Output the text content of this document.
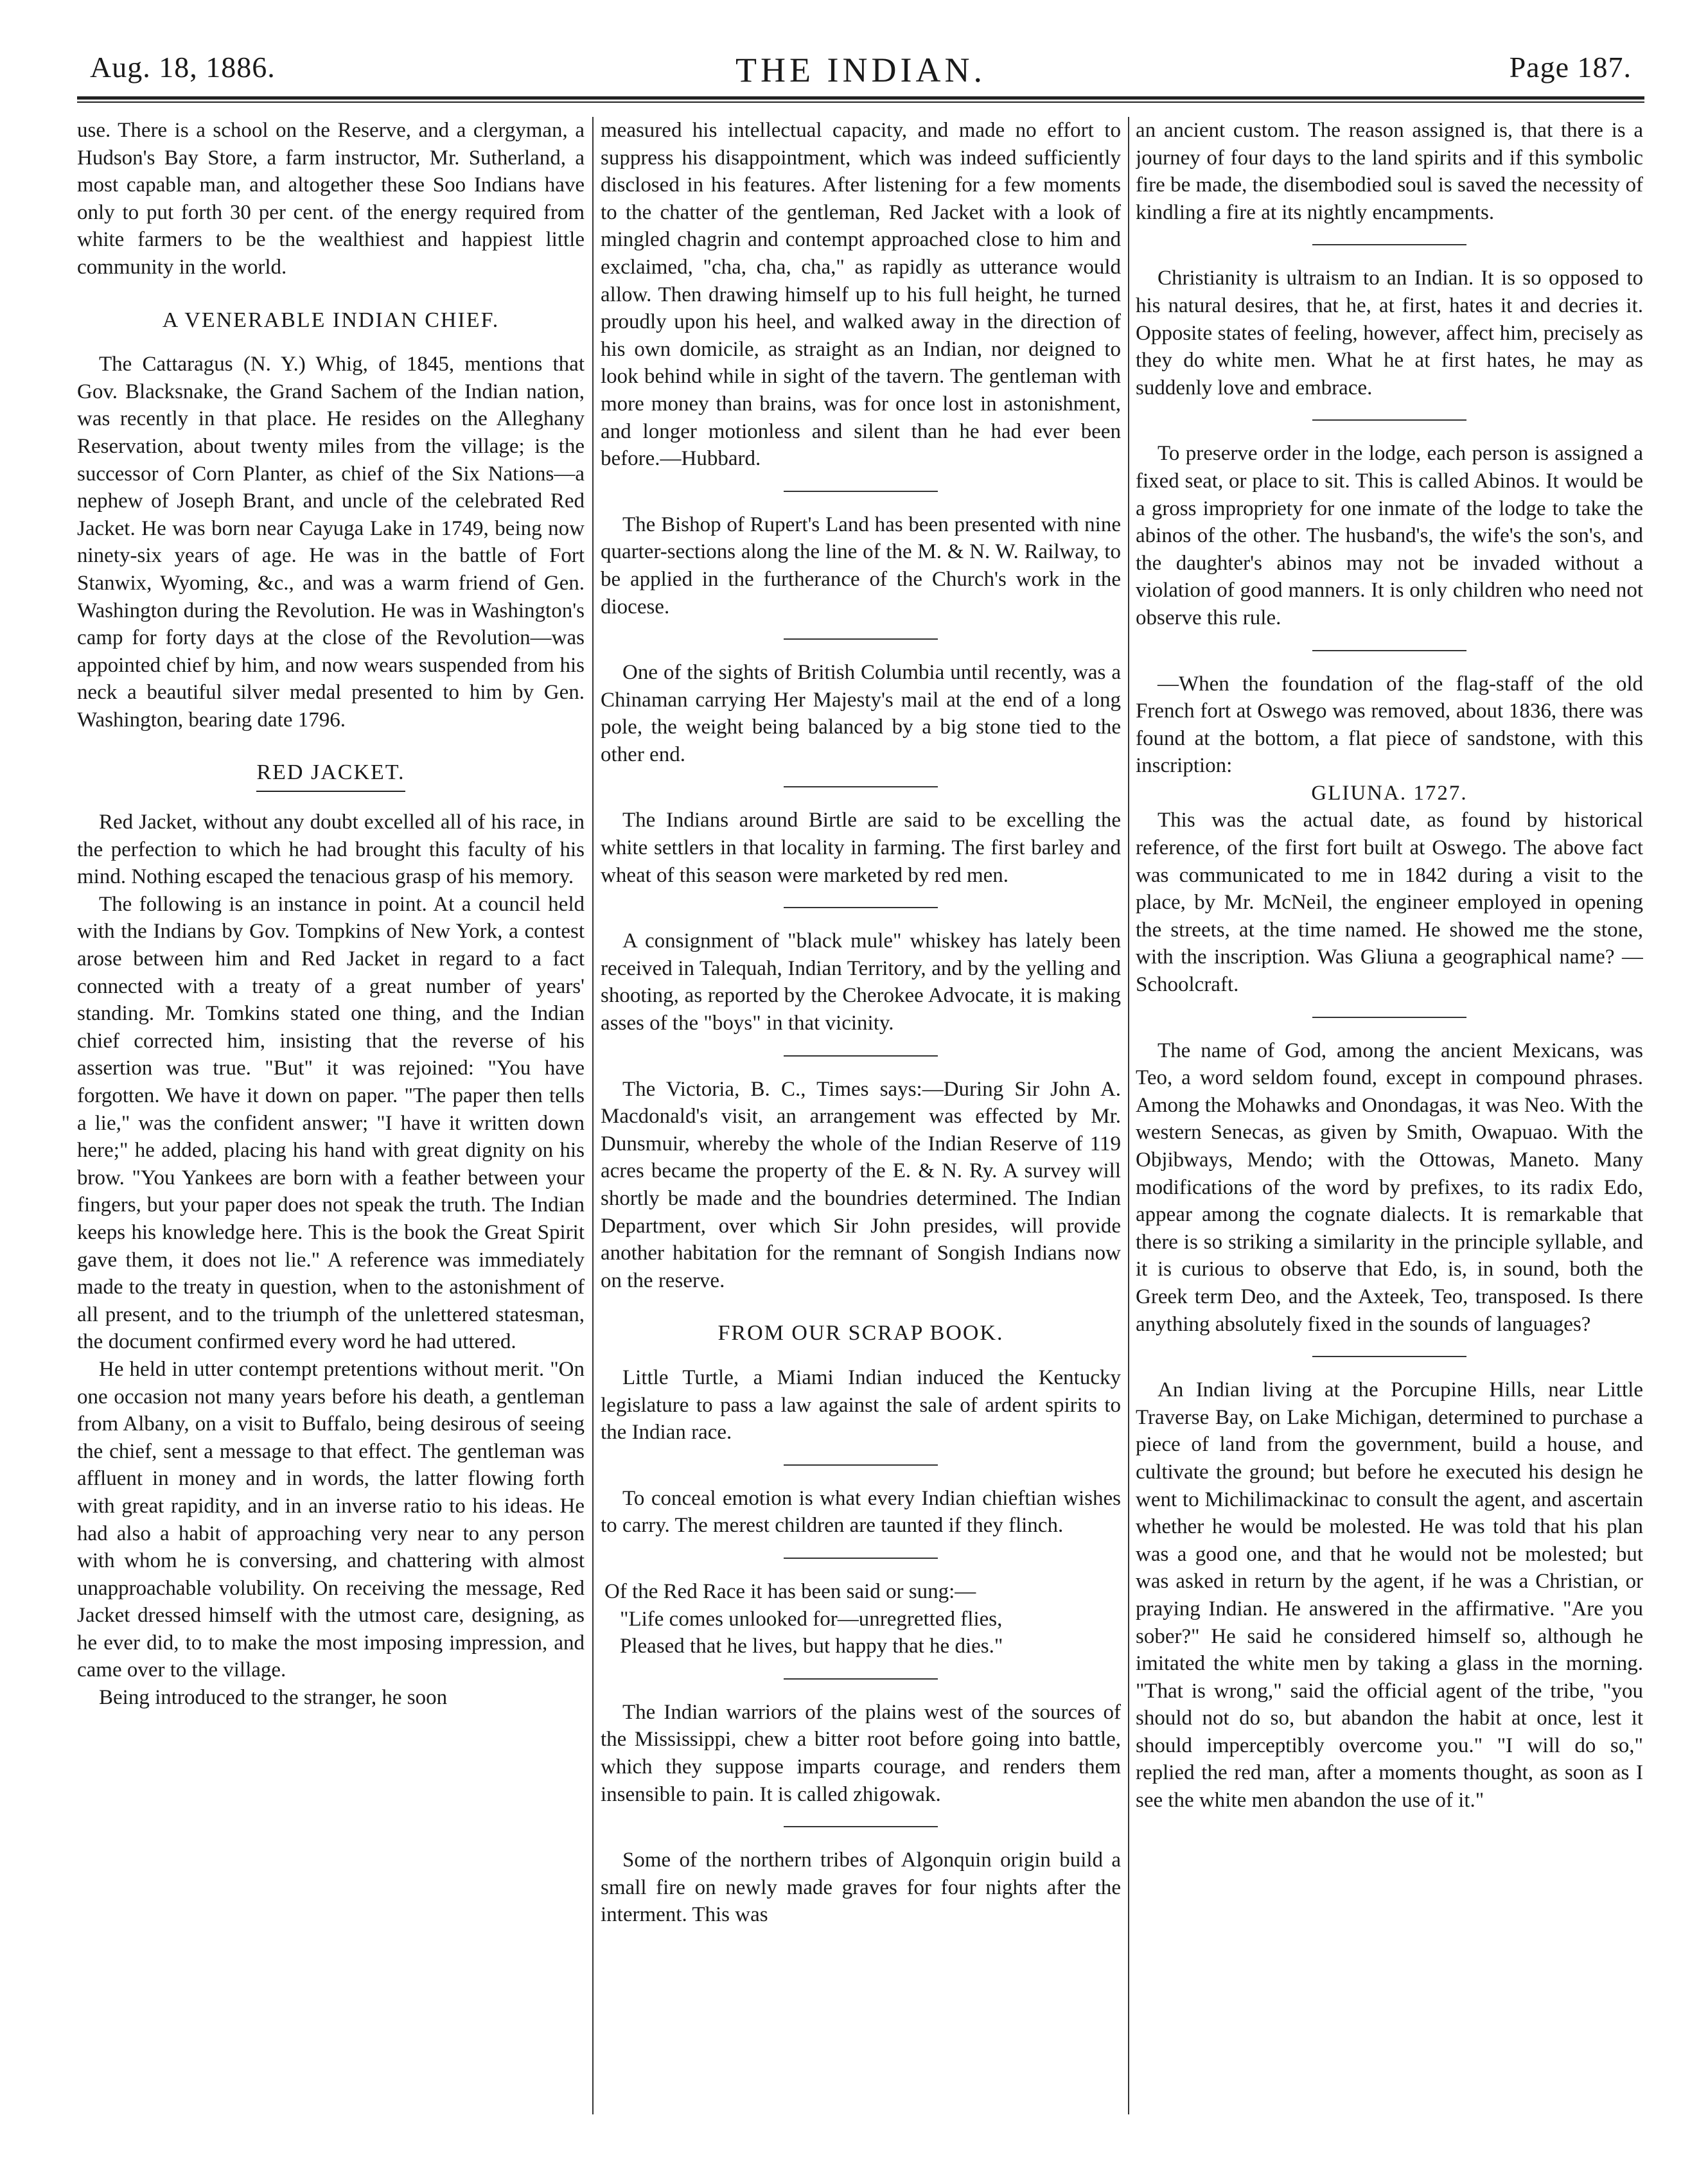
Aug. 18, 1886.	THE INDIAN.	Page 187.

use. There is a school on the Reserve, and a clergyman, a Hudson's Bay Store, a farm instructor, Mr. Sutherland, a most capable man, and altogether these Soo Indians have only to put forth 30 per cent. of the energy required from white farmers to be the wealthiest and happiest little community in the world.

A VENERABLE INDIAN CHIEF.

The Cattaragus (N. Y.) Whig, of 1845, mentions that Gov. Blacksnake, the Grand Sachem of the Indian nation, was recently in that place. He resides on the Alleghany Reservation, about twenty miles from the village; is the successor of Corn Planter, as chief of the Six Nations—a nephew of Joseph Brant, and uncle of the celebrated Red Jacket. He was born near Cayuga Lake in 1749, being now ninety-six years of age. He was in the battle of Fort Stanwix, Wyoming, &c., and was a warm friend of Gen. Washington during the Revolution. He was in Washington's camp for forty days at the close of the Revolution—was appointed chief by him, and now wears suspended from his neck a beautiful silver medal presented to him by Gen. Washington, bearing date 1796.

RED JACKET.

Red Jacket, without any doubt excelled all of his race, in the perfection to which he had brought this faculty of his mind. Nothing escaped the tenacious grasp of his memory.

The following is an instance in point. At a council held with the Indians by Gov. Tompkins of New York, a contest arose between him and Red Jacket in regard to a fact connected with a treaty of a great number of years' standing. Mr. Tomkins stated one thing, and the Indian chief corrected him, insisting that the reverse of his assertion was true. "But" it was rejoined: "You have forgotten. We have it down on paper. "The paper then tells a lie," was the confident answer; "I have it written down here;" he added, placing his hand with great dignity on his brow. "You Yankees are born with a feather between your fingers, but your paper does not speak the truth. The Indian keeps his knowledge here. This is the book the Great Spirit gave them, it does not lie." A reference was immediately made to the treaty in question, when to the astonishment of all present, and to the triumph of the unlettered statesman, the document confirmed every word he had uttered.

He held in utter contempt pretentions without merit. "On one occasion not many years before his death, a gentleman from Albany, on a visit to Buffalo, being desirous of seeing the chief, sent a message to that effect. The gentleman was affluent in money and in words, the latter flowing forth with great rapidity, and in an inverse ratio to his ideas. He had also a habit of approaching very near to any person with whom he is conversing, and chattering with almost unapproachable volubility. On receiving the message, Red Jacket dressed himself with the utmost care, designing, as he ever did, to to make the most imposing impression, and came over to the village.

Being introduced to the stranger, he soon

measured his intellectual capacity, and made no effort to suppress his disappointment, which was indeed sufficiently disclosed in his features. After listening for a few moments to the chatter of the gentleman, Red Jacket with a look of mingled chagrin and contempt approached close to him and exclaimed, "cha, cha, cha," as rapidly as utterance would allow. Then drawing himself up to his full height, he turned proudly upon his heel, and walked away in the direction of his own domicile, as straight as an Indian, nor deigned to look behind while in sight of the tavern. The gentleman with more money than brains, was for once lost in astonishment, and longer motionless and silent than he had ever been before.—Hubbard.

The Bishop of Rupert's Land has been presented with nine quarter-sections along the line of the M. & N. W. Railway, to be applied in the furtherance of the Church's work in the diocese.

One of the sights of British Columbia until recently, was a Chinaman carrying Her Majesty's mail at the end of a long pole, the weight being balanced by a big stone tied to the other end.

The Indians around Birtle are said to be excelling the white settlers in that locality in farming. The first barley and wheat of this season were marketed by red men.

A consignment of "black mule" whiskey has lately been received in Talequah, Indian Territory, and by the yelling and shooting, as reported by the Cherokee Advocate, it is making asses of the "boys" in that vicinity.

The Victoria, B. C., Times says:—During Sir John A. Macdonald's visit, an arrangement was effected by Mr. Dunsmuir, whereby the whole of the Indian Reserve of 119 acres became the property of the E. & N. Ry. A survey will shortly be made and the boundries determined. The Indian Department, over which Sir John presides, will provide another habitation for the remnant of Songish Indians now on the reserve.

FROM OUR SCRAP BOOK.

Little Turtle, a Miami Indian induced the Kentucky legislature to pass a law against the sale of ardent spirits to the Indian race.

To conceal emotion is what every Indian chieftian wishes to carry. The merest children are taunted if they flinch.

Of the Red Race it has been said or sung:—
"Life comes unlooked for—unregretted flies,
Pleased that he lives, but happy that he dies."

The Indian warriors of the plains west of the sources of the Mississippi, chew a bitter root before going into battle, which they suppose imparts courage, and renders them insensible to pain. It is called zhigowak.

Some of the northern tribes of Algonquin origin build a small fire on newly made graves for four nights after the interment. This was

an ancient custom. The reason assigned is, that there is a journey of four days to the land spirits and if this symbolic fire be made, the disembodied soul is saved the necessity of kindling a fire at its nightly encampments.

Christianity is ultraism to an Indian. It is so opposed to his natural desires, that he, at first, hates it and decries it. Opposite states of feeling, however, affect him, precisely as they do white men. What he at first hates, he may as suddenly love and embrace.

To preserve order in the lodge, each person is assigned a fixed seat, or place to sit. This is called Abinos. It would be a gross impropriety for one inmate of the lodge to take the abinos of the other. The husband's, the wife's the son's, and the daughter's abinos may not be invaded without a violation of good manners. It is only children who need not observe this rule.

—When the foundation of the flag-staff of the old French fort at Oswego was removed, about 1836, there was found at the bottom, a flat piece of sandstone, with this inscription:

GLIUNA. 1727.

This was the actual date, as found by historical reference, of the first fort built at Oswego. The above fact was communicated to me in 1842 during a visit to the place, by Mr. McNeil, the engineer employed in opening the streets, at the time named. He showed me the stone, with the inscription. Was Gliuna a geographical name? —Schoolcraft.

The name of God, among the ancient Mexicans, was Teo, a word seldom found, except in compound phrases. Among the Mohawks and Onondagas, it was Neo. With the western Senecas, as given by Smith, Owapuao. With the Objibways, Mendo; with the Ottowas, Maneto. Many modifications of the word by prefixes, to its radix Edo, appear among the cognate dialects. It is remarkable that there is so striking a similarity in the principle syllable, and it is curious to observe that Edo, is, in sound, both the Greek term Deo, and the Axteek, Teo, transposed. Is there anything absolutely fixed in the sounds of languages?

An Indian living at the Porcupine Hills, near Little Traverse Bay, on Lake Michigan, determined to purchase a piece of land from the government, build a house, and cultivate the ground; but before he executed his design he went to Michilimackinac to consult the agent, and ascertain whether he would be molested. He was told that his plan was a good one, and that he would not be molested; but was asked in return by the agent, if he was a Christian, or praying Indian. He answered in the affirmative. "Are you sober?" He said he considered himself so, although he imitated the white men by taking a glass in the morning. "That is wrong," said the official agent of the tribe, "you should not do so, but abandon the habit at once, lest it should imperceptibly overcome you." "I will do so," replied the red man, after a moments thought, as soon as I see the white men abandon the use of it."
